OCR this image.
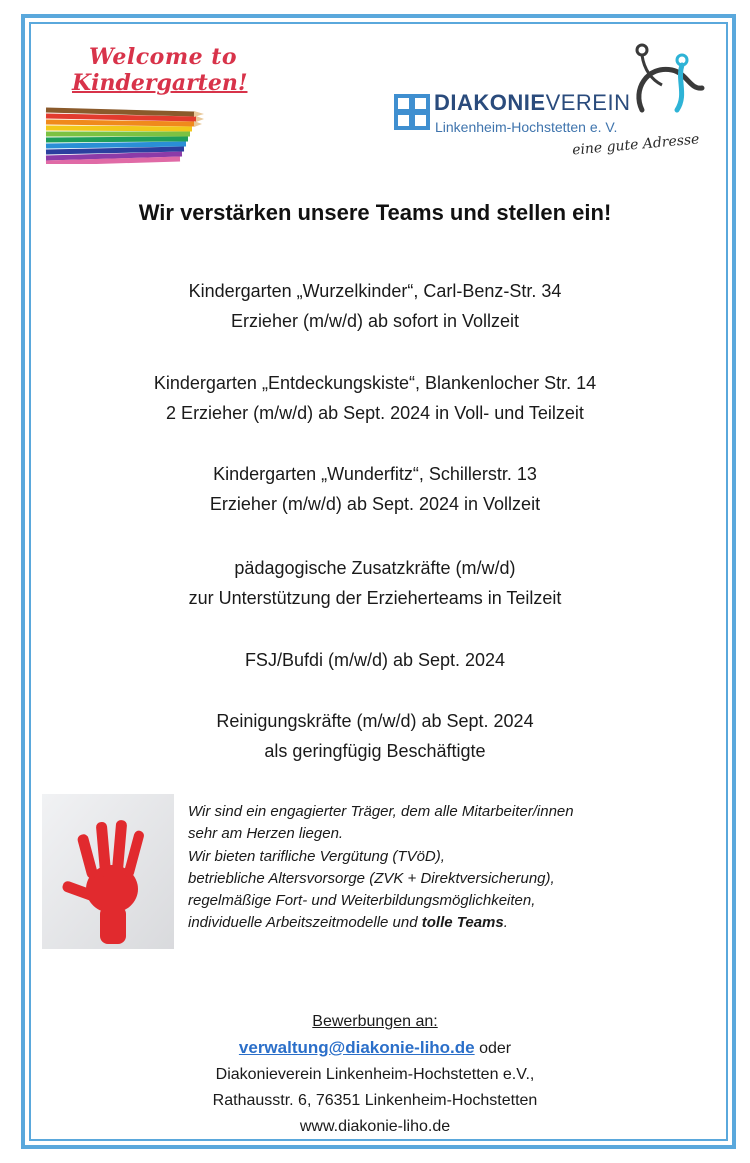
Welcome to
Kindergarten!
DIAKONIEVEREIN
Linkenheim-Hochstetten e. V.
eine gute Adresse
Wir verstärken unsere Teams und stellen ein!
Kindergarten „Wurzelkinder“, Carl-Benz-Str. 34
Erzieher (m/w/d) ab sofort in Vollzeit
Kindergarten „Entdeckungskiste“, Blankenlocher Str. 14
2 Erzieher (m/w/d) ab Sept. 2024 in Voll- und Teilzeit
Kindergarten „Wunderfitz“, Schillerstr. 13
Erzieher (m/w/d) ab Sept. 2024 in Vollzeit
pädagogische Zusatzkräfte (m/w/d)
zur Unterstützung der Erzieherteams in Teilzeit
FSJ/Bufdi (m/w/d) ab Sept. 2024
Reinigungskräfte (m/w/d) ab Sept. 2024
als geringfügig Beschäftigte
Wir sind ein engagierter Träger, dem alle Mitarbeiter/innen
sehr am Herzen liegen.
Wir bieten tarifliche Vergütung (TVöD),
betriebliche Altersvorsorge (ZVK + Direktversicherung),
regelmäßige Fort- und Weiterbildungsmöglichkeiten,
individuelle Arbeitszeitmodelle und tolle Teams.
Bewerbungen an:
verwaltung@diakonie-liho.de oder
Diakonieverein Linkenheim-Hochstetten e.V.,
Rathausstr. 6, 76351 Linkenheim-Hochstetten
www.diakonie-liho.de
